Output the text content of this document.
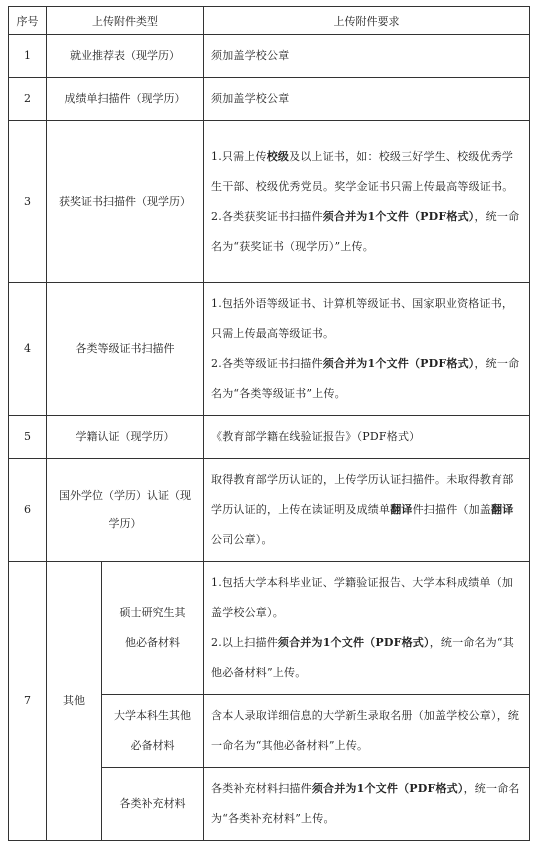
序号	上传附件类型		上传附件要求
1	就业推荐表（现学历）		须加盖学校公章
2	成绩单扫描件（现学历）		须加盖学校公章
3	获奖证书扫描件（现学历）		1.只需上传校级及以上证书，如：校级三好学生、校级优秀学生干部、校级优秀党员。奖学金证书只需上传最高等级证书。
2.各类获奖证书扫描件须合并为1个文件（PDF格式），统一命名为“获奖证书（现学历）”上传。
4	各类等级证书扫描件		1.包括外语等级证书、计算机等级证书、国家职业资格证书，只需上传最高等级证书。
2.各类等级证书扫描件须合并为1个文件（PDF格式），统一命名为“各类等级证书”上传。
5	学籍认证（现学历）		《教育部学籍在线验证报告》（PDF格式）
6	国外学位（学历）认证（现学历）		取得教育部学历认证的，上传学历认证扫描件。未取得教育部学历认证的，上传在读证明及成绩单翻译件扫描件（加盖翻译公司公章）。
7	其他	硕士研究生其他必备材料	1.包括大学本科毕业证、学籍验证报告、大学本科成绩单（加盖学校公章）。
2.以上扫描件须合并为1个文件（PDF格式），统一命名为“其他必备材料”上传。
		大学本科生其他必备材料	含本人录取详细信息的大学新生录取名册（加盖学校公章），统一命名为“其他必备材料”上传。
		各类补充材料	各类补充材料扫描件须合并为1个文件（PDF格式），统一命名为“各类补充材料”上传。
